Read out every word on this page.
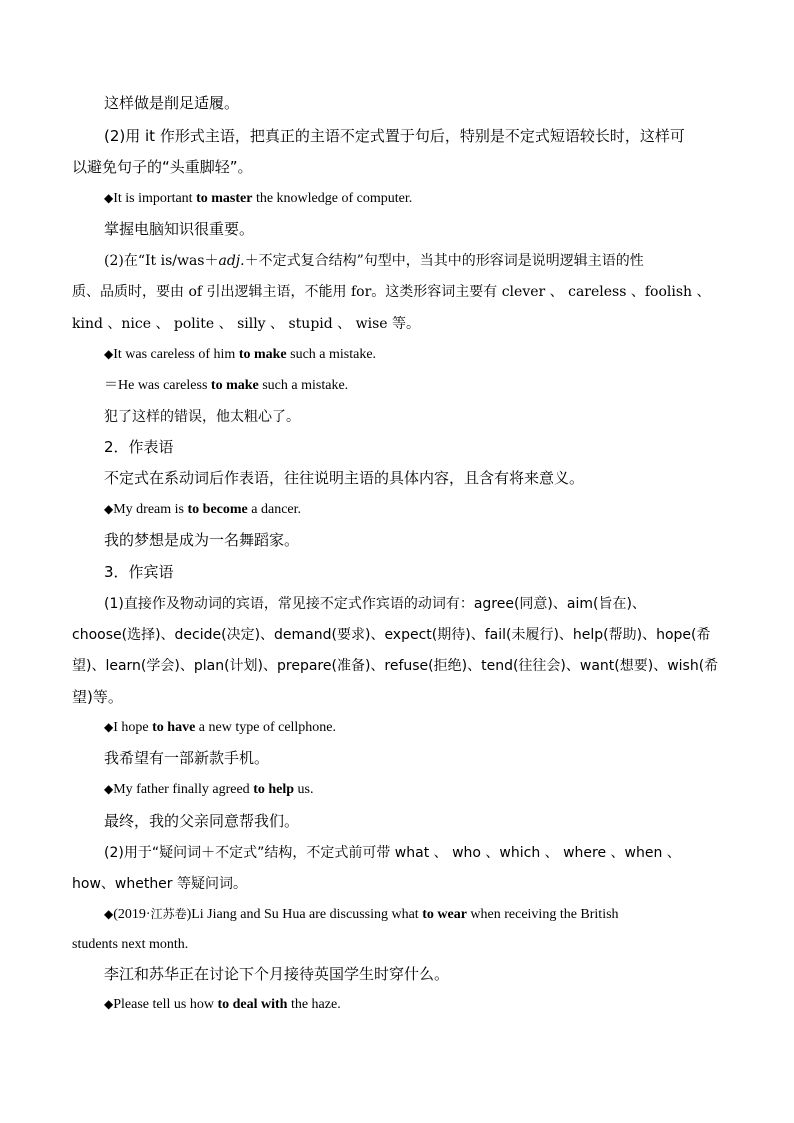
这样做是削足适履。
(2)用 it 作形式主语，把真正的主语不定式置于句后，特别是不定式短语较长时，这样可
以避免句子的“头重脚轻”。
◆It is important to master the knowledge of computer.
掌握电脑知识很重要。
(2)在“It is/was＋adj.＋不定式复合结构”句型中，当其中的形容词是说明逻辑主语的性
质、品质时，要由 of 引出逻辑主语，不能用 for。这类形容词主要有 clever 、 careless 、foolish 、
kind 、nice 、 polite 、 silly 、 stupid 、 wise 等。
◆It was careless of him to make such a mistake.
＝He was careless to make such a mistake.
犯了这样的错误，他太粗心了。
2．作表语
不定式在系动词后作表语，往往说明主语的具体内容，且含有将来意义。
◆My dream is to become a dancer.
我的梦想是成为一名舞蹈家。
3．作宾语
(1)直接作及物动词的宾语，常见接不定式作宾语的动词有：agree(同意)、aim(旨在)、
choose(选择)、decide(决定)、demand(要求)、expect(期待)、fail(未履行)、help(帮助)、hope(希
望)、learn(学会)、plan(计划)、prepare(准备)、refuse(拒绝)、tend(往往会)、want(想要)、wish(希
望)等。
◆I hope to have a new type of cellphone.
我希望有一部新款手机。
◆My father finally agreed to help us.
最终，我的父亲同意帮我们。
(2)用于“疑问词＋不定式”结构，不定式前可带 what 、 who 、which 、 where 、when 、
how、whether 等疑问词。
◆(2019·江苏卷)Li Jiang and Su Hua are discussing what to wear when receiving the British
students next month.
李江和苏华正在讨论下个月接待英国学生时穿什么。
◆Please tell us how to deal with the haze.
